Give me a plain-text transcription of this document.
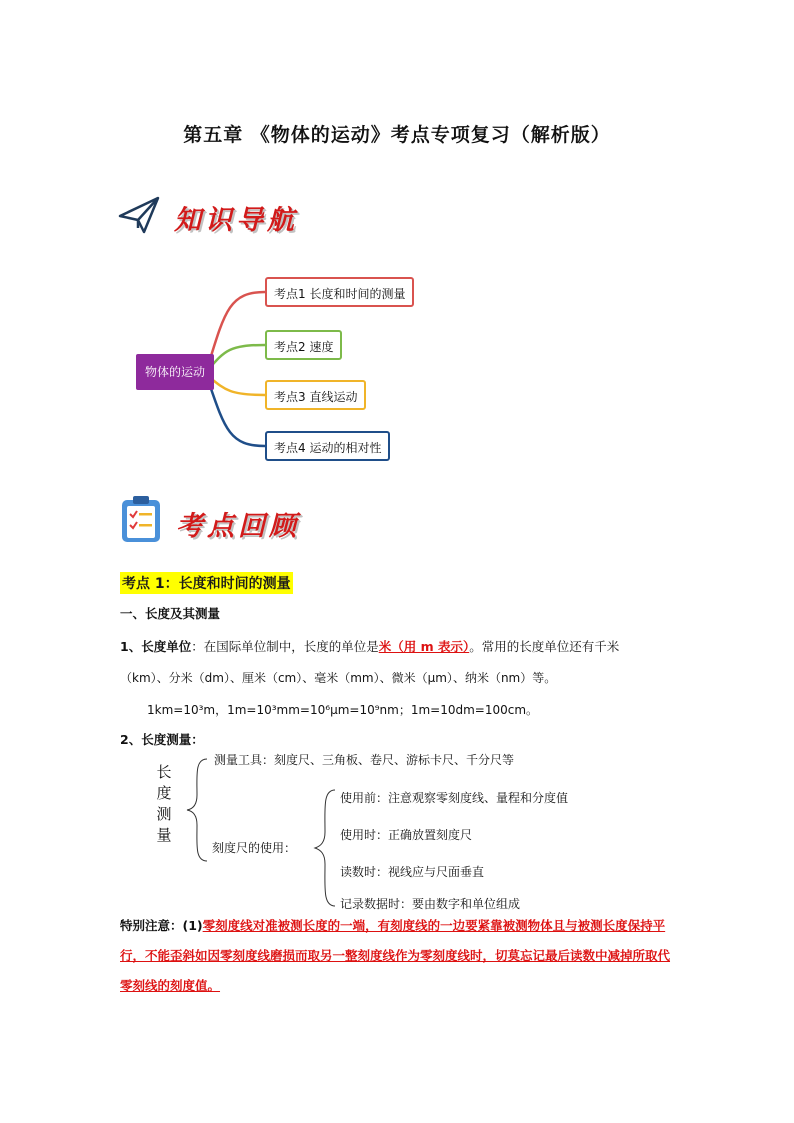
第五章 《物体的运动》考点专项复习（解析版）
知识导航
物体的运动
考点1 长度和时间的测量
考点2 速度
考点3 直线运动
考点4 运动的相对性
考点回顾
考点 1：长度和时间的测量
一、长度及其测量
1、长度单位：在国际单位制中，长度的单位是米（用 m 表示）。常用的长度单位还有千米
（km）、分米（dm）、厘米（cm）、毫米（mm）、微米（μm）、纳米（nm）等。
1km=10³m，1m=10³mm=10⁶μm=10⁹nm；1m=10dm=100cm。
2、长度测量：
长度测量
测量工具：刻度尺、三角板、卷尺、游标卡尺、千分尺等
刻度尺的使用：
使用前：注意观察零刻度线、量程和分度值
使用时：正确放置刻度尺
读数时：视线应与尺面垂直
记录数据时：要由数字和单位组成
特别注意：(1)零刻度线对准被测长度的一端，有刻度线的一边要紧靠被测物体且与被测长度保持平行，不能歪斜如因零刻度线磨损而取另一整刻度线作为零刻度线时，切莫忘记最后读数中减掉所取代零刻线的刻度值。
